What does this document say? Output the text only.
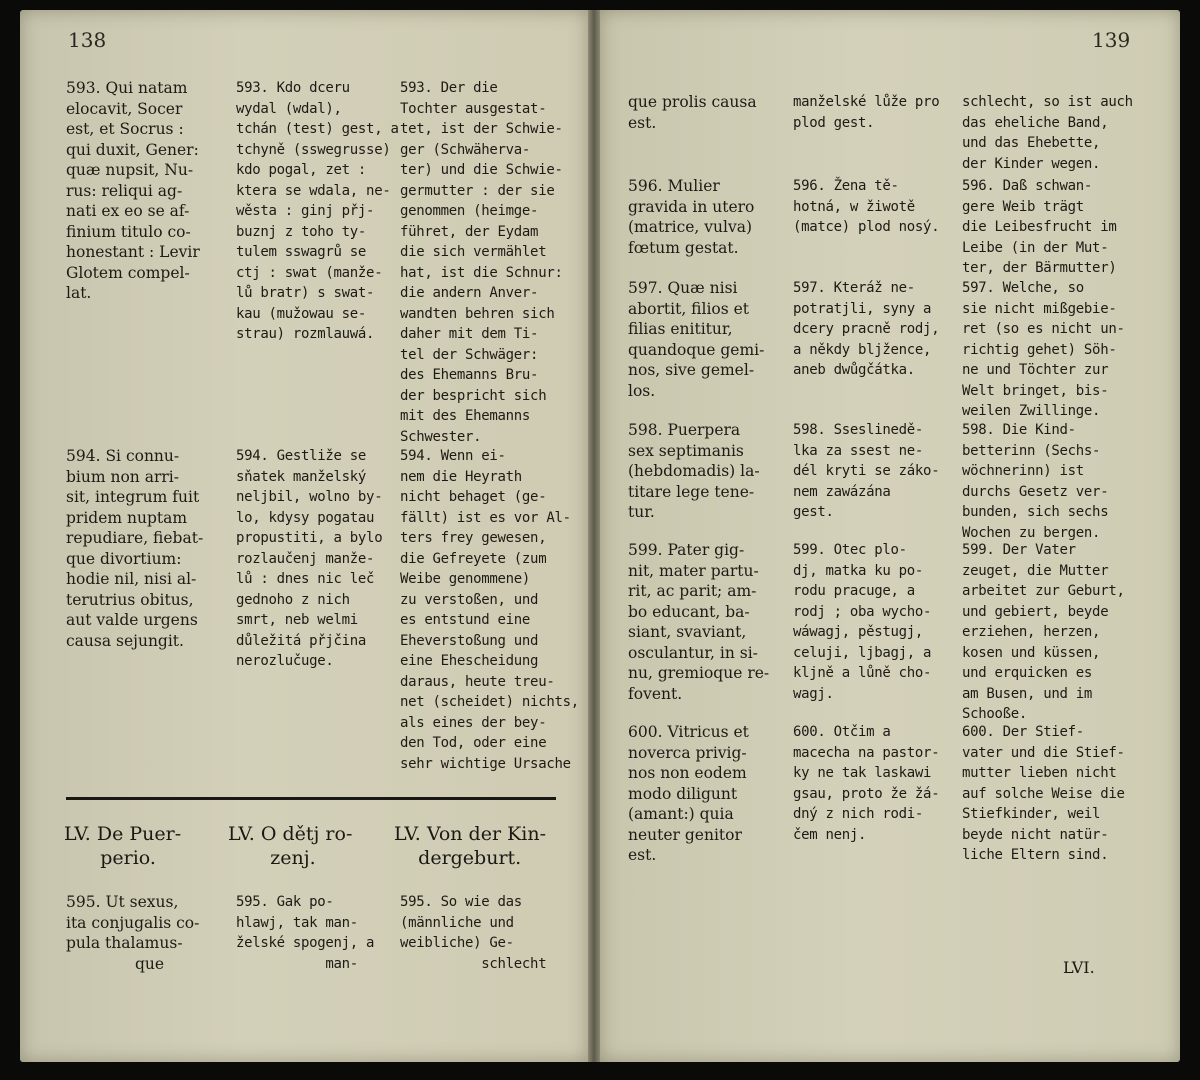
138
593. Qui natam
elocavit, Socer
est, et Socrus :
qui duxit, Gener:
quæ nupsit, Nu-
rus: reliqui ag-
nati ex eo se af-
finium titulo co-
honestant : Levir
Glotem compel-
lat.
593. Kdo dceru
wydal (wdal),
tchán (test) gest, a
tchyně (sswegrusse)
kdo pogal, zet :
ktera se wdala, ne-
wěsta : ginj přj-
buznj z toho ty-
tulem sswagrů se
ctj : swat (manže-
lů bratr) s swat-
kau (mužowau se-
strau) rozmlauwá.
593. Der die
Tochter ausgestat-
tet, ist der Schwie-
ger (Schwäherva-
ter) und die Schwie-
germutter : der sie
genommen (heimge-
führet, der Eydam
die sich vermählet
hat, ist die Schnur:
die andern Anver-
wandten behren sich
daher mit dem Ti-
tel der Schwäger:
des Ehemanns Bru-
der bespricht sich
mit des Ehemanns
Schwester.
594. Si connu-
bium non arri-
sit, integrum fuit
pridem nuptam
repudiare, fiebat-
que divortium:
hodie nil, nisi al-
terutrius obitus,
aut valde urgens
causa sejungit.
594. Gestliže se
sňatek manželský
neljbil, wolno by-
lo, kdysy pogatau
propustiti, a bylo
rozlaučenj manže-
lů : dnes nic leč
gednoho z nich
smrt, neb welmi
důležitá přjčina
nerozlučuge.
594. Wenn ei-
nem die Heyrath
nicht behaget (ge-
fällt) ist es vor Al-
ters frey gewesen,
die Gefreyete (zum
Weibe genommene)
zu verstoßen, und
es entstund eine
Eheverstoßung und
eine Ehescheidung
daraus, heute treu-
net (scheidet) nichts,
als eines der bey-
den Tod, oder eine
sehr wichtige Ursache
LV. De Puer-
perio.
LV. O dětj ro-
zenj.
LV. Von der Kin-
dergeburt.
595. Ut sexus,
ita conjugalis co-
pula thalamus-
que
595. Gak po-
hlawj, tak man-
želské spogenj, a
man-
595. So wie das
(männliche und
weibliche) Ge-
schlecht
139
que prolis causa
est.
manželské lůže pro
plod gest.
schlecht, so ist auch
das eheliche Band,
und das Ehebette,
der Kinder wegen.
596. Mulier
gravida in utero
(matrice, vulva)
fœtum gestat.
596. Žena tě-
hotná, w žiwotě
(matce) plod nosý.
596. Daß schwan-
gere Weib trägt
die Leibesfrucht im
Leibe (in der Mut-
ter, der Bärmutter)
597. Quæ nisi
abortit, filios et
filias enititur,
quandoque gemi-
nos, sive gemel-
los.
597. Kteráž ne-
potratjli, syny a
dcery pracně rodj,
a někdy bljžence,
aneb dwůgčátka.
597. Welche, so
sie nicht mißgebie-
ret (so es nicht un-
richtig gehet) Söh-
ne und Töchter zur
Welt bringet, bis-
weilen Zwillinge.
598. Puerpera
sex septimanis
(hebdomadis) la-
titare lege tene-
tur.
598. Sseslinedě-
lka za ssest ne-
dél kryti se záko-
nem zawázána
gest.
598. Die Kind-
betterinn (Sechs-
wöchnerinn) ist
durchs Gesetz ver-
bunden, sich sechs
Wochen zu bergen.
599. Pater gig-
nit, mater partu-
rit, ac parit; am-
bo educant, ba-
siant, svaviant,
osculantur, in si-
nu, gremioque re-
fovent.
599. Otec plo-
dj, matka ku po-
rodu pracuge, a
rodj ; oba wycho-
wáwagj, pěstugj,
celuji, ljbagj, a
kljně a lůně cho-
wagj.
599. Der Vater
zeuget, die Mutter
arbeitet zur Geburt,
und gebiert, beyde
erziehen, herzen,
kosen und küssen,
und erquicken es
am Busen, und im
Schooße.
600. Vitricus et
noverca privig-
nos non eodem
modo diligunt
(amant:) quia
neuter genitor
est.
600. Otčim a
macecha na pastor-
ky ne tak laskawi
gsau, proto že žá-
dný z nich rodi-
čem nenj.
600. Der Stief-
vater und die Stief-
mutter lieben nicht
auf solche Weise die
Stiefkinder, weil
beyde nicht natür-
liche Eltern sind.
LVI.
